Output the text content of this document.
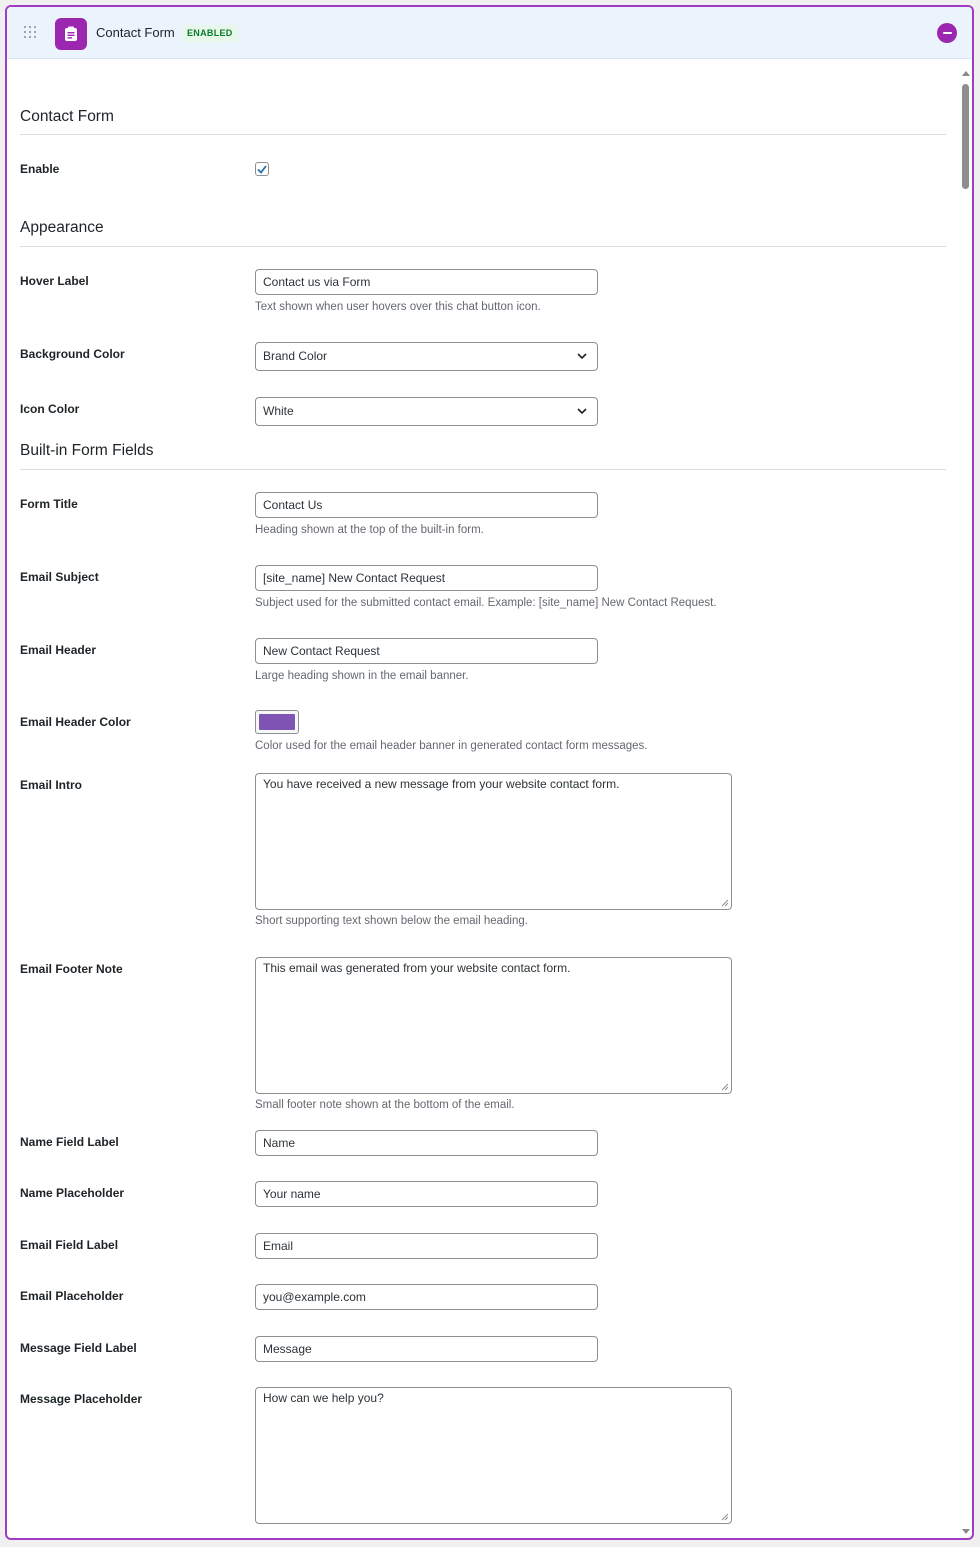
Contact Form	ENABLED
Contact Form
Enable
Appearance
Hover Label	Contact us via Form
Text shown when user hovers over this chat button icon.
Background Color	Brand Color
Icon Color	White
Built-in Form Fields
Form Title	Contact Us
Heading shown at the top of the built-in form.
Email Subject	[site_name] New Contact Request
Subject used for the submitted contact email. Example: [site_name] New Contact Request.
Email Header	New Contact Request
Large heading shown in the email banner.
Email Header Color
Color used for the email header banner in generated contact form messages.
Email Intro	You have received a new message from your website contact form.
Short supporting text shown below the email heading.
Email Footer Note	This email was generated from your website contact form.
Small footer note shown at the bottom of the email.
Name Field Label	Name
Name Placeholder	Your name
Email Field Label	Email
Email Placeholder	you@example.com
Message Field Label	Message
Message Placeholder	How can we help you?
